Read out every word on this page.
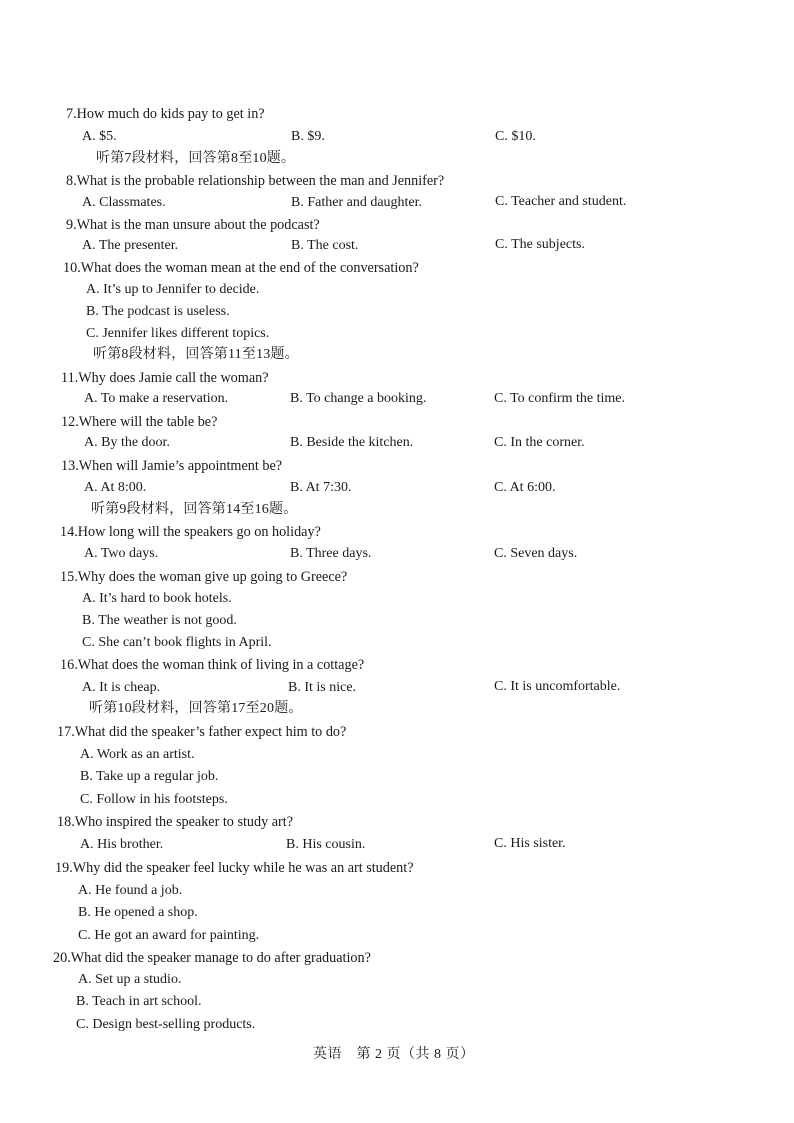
7.How much do kids pay to get in?
A. $5.	B. $9.	C. $10.
听第7段材料，回答第8至10题。
8.What is the probable relationship between the man and Jennifer?
A. Classmates.	B. Father and daughter.	C. Teacher and student.
9.What is the man unsure about the podcast?
A. The presenter.	B. The cost.	C. The subjects.
10.What does the woman mean at the end of the conversation?
A. It’s up to Jennifer to decide.
B. The podcast is useless.
C. Jennifer likes different topics.
听第8段材料，回答第11至13题。
11.Why does Jamie call the woman?
A. To make a reservation.	B. To change a booking.	C. To confirm the time.
12.Where will the table be?
A. By the door.	B. Beside the kitchen.	C. In the corner.
13.When will Jamie’s appointment be?
A. At 8:00.	B. At 7:30.	C. At 6:00.
听第9段材料，回答第14至16题。
14.How long will the speakers go on holiday?
A. Two days.	B. Three days.	C. Seven days.
15.Why does the woman give up going to Greece?
A. It’s hard to book hotels.
B. The weather is not good.
C. She can’t book flights in April.
16.What does the woman think of living in a cottage?
A. It is cheap.	B. It is nice.	C. It is uncomfortable.
听第10段材料，回答第17至20题。
17.What did the speaker’s father expect him to do?
A. Work as an artist.
B. Take up a regular job.
C. Follow in his footsteps.
18.Who inspired the speaker to study art?
A. His brother.	B. His cousin.	C. His sister.
19.Why did the speaker feel lucky while he was an art student?
A. He found a job.
B. He opened a shop.
C. He got an award for painting.
20.What did the speaker manage to do after graduation?
A. Set up a studio.
B. Teach in art school.
C. Design best-selling products.
英语　第 2 页（共 8 页）
